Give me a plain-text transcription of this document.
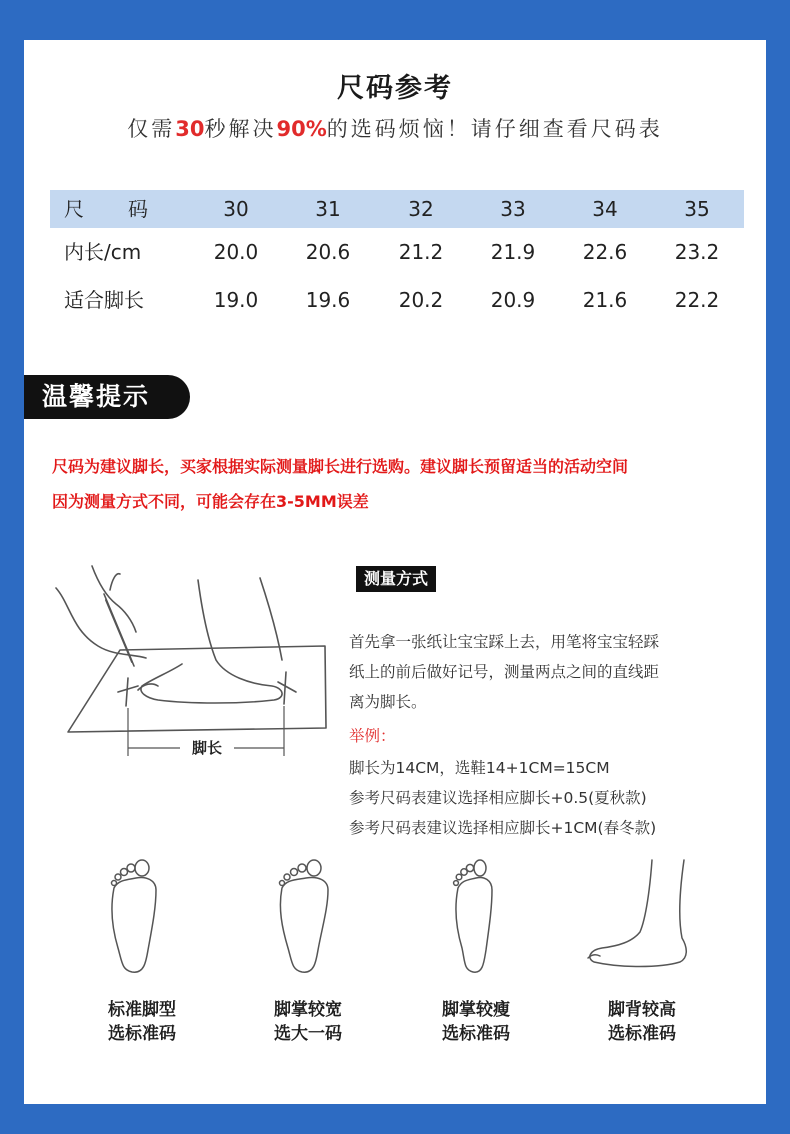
尺码参考
仅需30秒解决90%的选码烦恼！请仔细查看尺码表
尺 码	30	31	32	33	34	35
内长/cm	20.0	20.6	21.2	21.9	22.6	23.2
适合脚长	19.0	19.6	20.2	20.9	21.6	22.2
温馨提示
尺码为建议脚长，买家根据实际测量脚长进行选购。建议脚长预留适当的活动空间
因为测量方式不同，可能会存在3-5MM误差
脚长
测量方式
首先拿一张纸让宝宝踩上去，用笔将宝宝轻踩
纸上的前后做好记号，测量两点之间的直线距
离为脚长。
举例：
脚长为14CM，选鞋14+1CM=15CM
参考尺码表建议选择相应脚长+0.5(夏秋款)
参考尺码表建议选择相应脚长+1CM(春冬款)
标准脚型
选标准码
脚掌较宽
选大一码
脚掌较瘦
选标准码
脚背较高
选标准码
